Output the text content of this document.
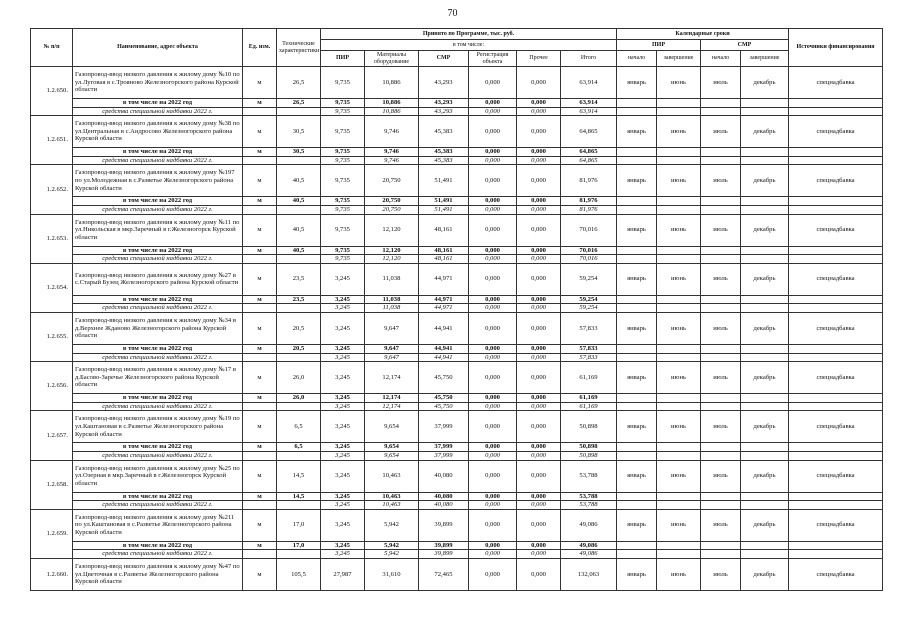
70
№ п/п	Наименование, адрес объекта	Ед. изм.	Технические характеристики	Принято по Программе, тыс. руб.						Календарные сроки				Источники финансирования
				в том числе:						ПИР		СМР		
				ПИР	Материалы оборудование	СМР	Регистрация объекта	Прочее	Итого	начало	завершение	начало	завершение	
1.2.650.	Газопровод-ввод низкого давления к жилому дому №10 по ул.Луговая в с.Трояново Железногорского района Курской области	м	26,5	9,735	10,886	43,293	0,000	0,000	63,914	январь	июнь	июль	декабрь	спецнадбавка
	в том числе на 2022 год	м	26,5	9,735	10,886	43,293	0,000	0,000	63,914					
	средства специальной надбавки 2022 г.			9,735	10,886	43,293	0,000	0,000	63,914					
1.2.651.	Газопровод-ввод низкого давления к жилому дому №38 по ул.Центральная в с.Андросово Железногорского района Курской области	м	30,5	9,735	9,746	45,383	0,000	0,000	64,865	январь	июнь	июль	декабрь	спецнадбавка
	в том числе на 2022 год	м	30,5	9,735	9,746	45,383	0,000	0,000	64,865					
	средства специальной надбавки 2022 г.			9,735	9,746	45,383	0,000	0,000	64,865					
1.2.652.	Газопровод-ввод низкого давления к жилому дому №197 по ул.Молодежная в с.Разветье Железногорского района Курской области	м	40,5	9,735	20,750	51,491	0,000	0,000	81,976	январь	июнь	июль	декабрь	спецнадбавка
	в том числе на 2022 год	м	40,5	9,735	20,750	51,491	0,000	0,000	81,976					
	средства специальной надбавки 2022 г.			9,735	20,750	51,491	0,000	0,000	81,976					
1.2.653.	Газопровод-ввод низкого давления к жилому дому №11 по ул.Никольская в мкр.Заречный в г.Железногорск Курской области	м	40,5	9,735	12,120	48,161	0,000	0,000	70,016	январь	июнь	июль	декабрь	спецнадбавка
	в том числе на 2022 год	м	40,5	9,735	12,120	48,161	0,000	0,000	70,016					
	средства специальной надбавки 2022 г.			9,735	12,120	48,161	0,000	0,000	70,016					
1.2.654.	Газопровод-ввод низкого давления к жилому дому №27 в с.Старый Бузец Железногорского района Курской области	м	23,5	3,245	11,038	44,971	0,000	0,000	59,254	январь	июнь	июль	декабрь	спецнадбавка
	в том числе на 2022 год	м	23,5	3,245	11,038	44,971	0,000	0,000	59,254					
	средства специальной надбавки 2022 г.			3,245	11,038	44,971	0,000	0,000	59,254					
1.2.655.	Газопровод-ввод низкого давления к жилому дому №34 в д.Верхнее Жданово Железногорского района Курской области	м	20,5	3,245	9,647	44,941	0,000	0,000	57,833	январь	июнь	июль	декабрь	спецнадбавка
	в том числе на 2022 год	м	20,5	3,245	9,647	44,941	0,000	0,000	57,833					
	средства специальной надбавки 2022 г.			3,245	9,647	44,941	0,000	0,000	57,833					
1.2.656.	Газопровод-ввод низкого давления к жилому дому №17 в д.Басово-Заречье Железногорского района Курской области	м	26,0	3,245	12,174	45,750	0,000	0,000	61,169	январь	июнь	июль	декабрь	спецнадбавка
	в том числе на 2022 год	м	26,0	3,245	12,174	45,750	0,000	0,000	61,169					
	средства специальной надбавки 2022 г.			3,245	12,174	45,750	0,000	0,000	61,169					
1.2.657.	Газопровод-ввод низкого давления к жилому дому №19 по ул.Каштановая в с.Разветье Железногорского района Курской области	м	6,5	3,245	9,654	37,999	0,000	0,000	50,898	январь	июнь	июль	декабрь	спецнадбавка
	в том числе на 2022 год	м	6,5	3,245	9,654	37,999	0,000	0,000	50,898					
	средства специальной надбавки 2022 г.			3,245	9,654	37,999	0,000	0,000	50,898					
1.2.658.	Газопровод-ввод низкого давления к жилому дому №25 по ул.Озерная в мкр.Заречный в г.Железногорск Курской области	м	14,5	3,245	10,463	40,080	0,000	0,000	53,788	январь	июнь	июль	декабрь	спецнадбавка
	в том числе на 2022 год	м	14,5	3,245	10,463	40,080	0,000	0,000	53,788					
	средства специальной надбавки 2022 г.			3,245	10,463	40,080	0,000	0,000	53,788					
1.2.659.	Газопровод-ввод низкого давления к жилому дому №211 по ул.Каштановая в с.Разветье Железногорского района Курской области	м	17,0	3,245	5,942	39,899	0,000	0,000	49,086	январь	июнь	июль	декабрь	спецнадбавка
	в том числе на 2022 год	м	17,0	3,245	5,942	39,899	0,000	0,000	49,086					
	средства специальной надбавки 2022 г.			3,245	5,942	39,899	0,000	0,000	49,086					
1.2.660.	Газопровод-ввод низкого давления к жилому дому №47 по ул.Цветочная в с.Разветье Железногорского района Курской области	м	105,5	27,987	31,610	72,465	0,000	0,000	132,063	январь	июнь	июль	декабрь	спецнадбавка
